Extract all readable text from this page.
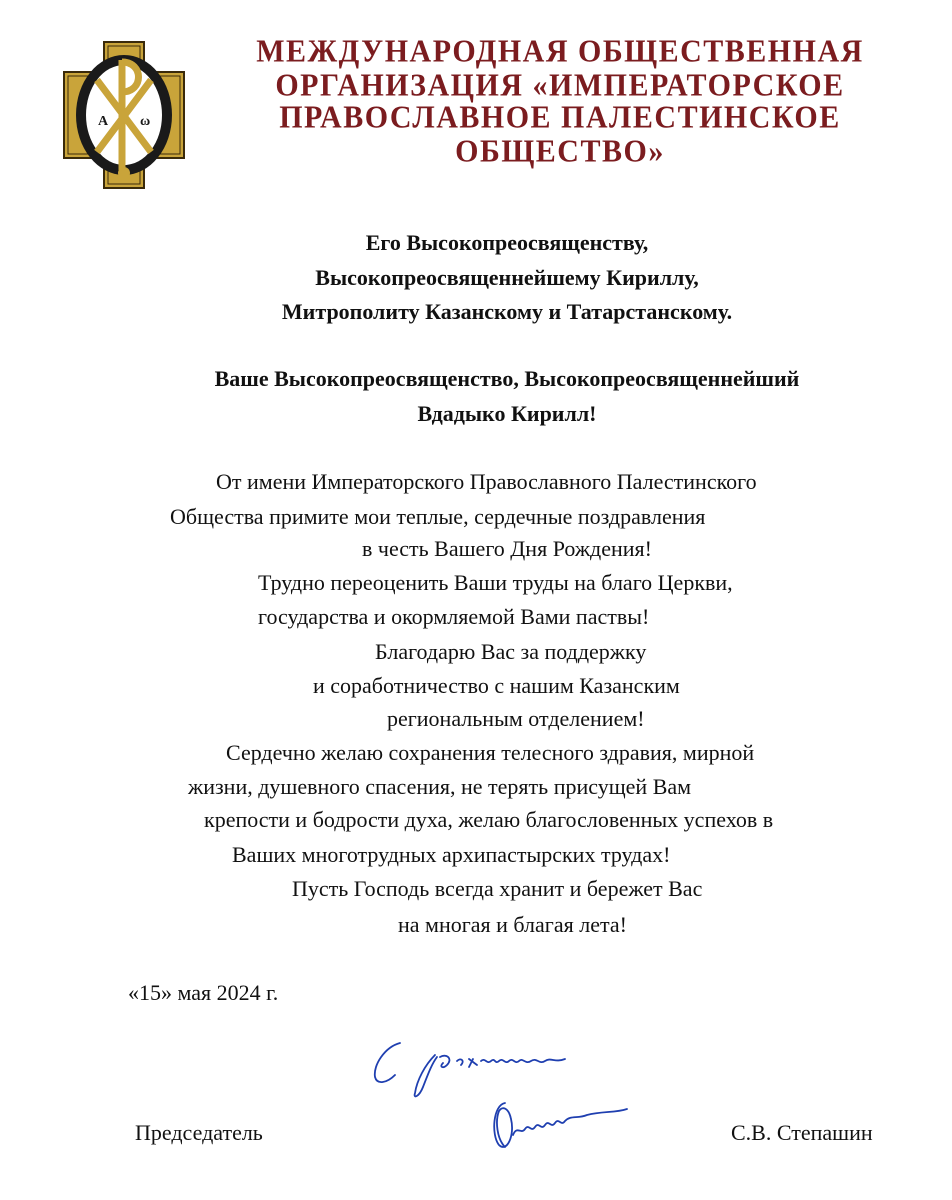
Α ω
МЕЖДУНАРОДНАЯ ОБЩЕСТВЕННАЯ
ОРГАНИЗАЦИЯ «ИМПЕРАТОРСКОЕ
ПРАВОСЛАВНОЕ ПАЛЕСТИНСКОЕ ОБЩЕСТВО»
Его Высокопреосвященству,
Высокопреосвященнейшему Кириллу,
Митрополиту Казанскому и Татарстанскому.
Ваше Высокопреосвященство, Высокопреосвященнейший
Вдадыко Кирилл!
От имени Императорского Православного Палестинского
Общества примите мои теплые, сердечные поздравления
в честь Вашего Дня Рождения!
Трудно переоценить Ваши труды на благо Церкви,
государства и окормляемой Вами паствы!
Благодарю Вас за поддержку
и соработничество с нашим Казанским
региональным отделением!
Сердечно желаю сохранения телесного здравия, мирной
жизни, душевного спасения, не терять присущей Вам
крепости и бодрости духа, желаю благословенных успехов в
Ваших многотрудных архипастырских трудах!
Пусть Господь всегда хранит и бережет Вас
на многая и благая лета!
«15» мая 2024 г.
Председатель	С.В. Степашин
